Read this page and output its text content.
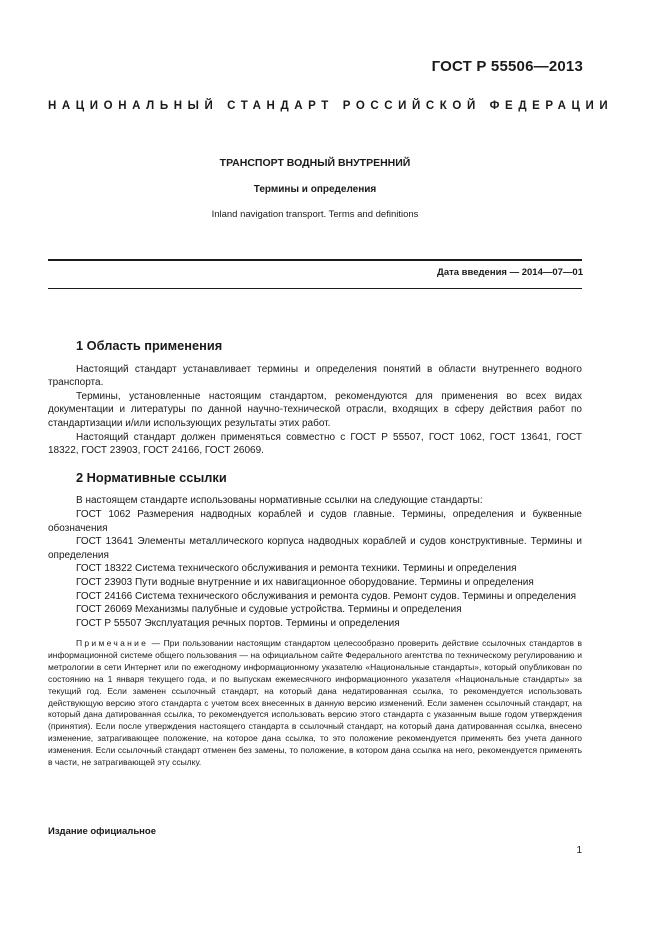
ГОСТ Р 55506—2013
НАЦИОНАЛЬНЫЙ СТАНДАРТ РОССИЙСКОЙ ФЕДЕРАЦИИ
ТРАНСПОРТ ВОДНЫЙ ВНУТРЕННИЙ
Термины и определения
Inland navigation transport. Terms and definitions
Дата введения — 2014—07—01
1 Область применения

Настоящий стандарт устанавливает термины и определения понятий в области внутреннего водного транспорта.

Термины, установленные настоящим стандартом, рекомендуются для применения во всех видах документации и литературы по данной научно-технической отрасли, входящих в сферу действия работ по стандартизации и/или использующих результаты этих работ.

Настоящий стандарт должен применяться совместно с ГОСТ Р 55507, ГОСТ 1062, ГОСТ 13641, ГОСТ 18322, ГОСТ 23903, ГОСТ 24166, ГОСТ 26069.

2 Нормативные ссылки

В настоящем стандарте использованы нормативные ссылки на следующие стандарты:

ГОСТ 1062 Размерения надводных кораблей и судов главные. Термины, определения и буквенные обозначения

ГОСТ 13641 Элементы металлического корпуса надводных кораблей и судов конструктивные. Термины и определения

ГОСТ 18322 Система технического обслуживания и ремонта техники. Термины и определения

ГОСТ 23903 Пути водные внутренние и их навигационное оборудование. Термины и определения

ГОСТ 24166 Система технического обслуживания и ремонта судов. Ремонт судов. Термины и определения

ГОСТ 26069 Механизмы палубные и судовые устройства. Термины и определения

ГОСТ Р 55507 Эксплуатация речных портов. Термины и определения

Примечание — При пользовании настоящим стандартом целесообразно проверить действие ссылочных стандартов в информационной системе общего пользования — на официальном сайте Федерального агентства по техническому регулированию и метрологии в сети Интернет или по ежегодному информационному указателю «Национальные стандарты», который опубликован по состоянию на 1 января текущего года, и по выпускам ежемесячного информационного указателя «Национальные стандарты» за текущий год. Если заменен ссылочный стандарт, на который дана недатированная ссылка, то рекомендуется использовать действующую версию этого стандарта с учетом всех внесенных в данную версию изменений. Если заменен ссылочный стандарт, на который дана датированная ссылка, то рекомендуется использовать версию этого стандарта с указанным выше годом утверждения (принятия). Если после утверждения настоящего стандарта в ссылочный стандарт, на который дана датированная ссылка, внесено изменение, затрагивающее положение, на которое дана ссылка, то это положение рекомендуется применять без учета данного изменения. Если ссылочный стандарт отменен без замены, то положение, в котором дана ссылка на него, рекомендуется применять в части, не затрагивающей эту ссылку.

Издание официальное
1
